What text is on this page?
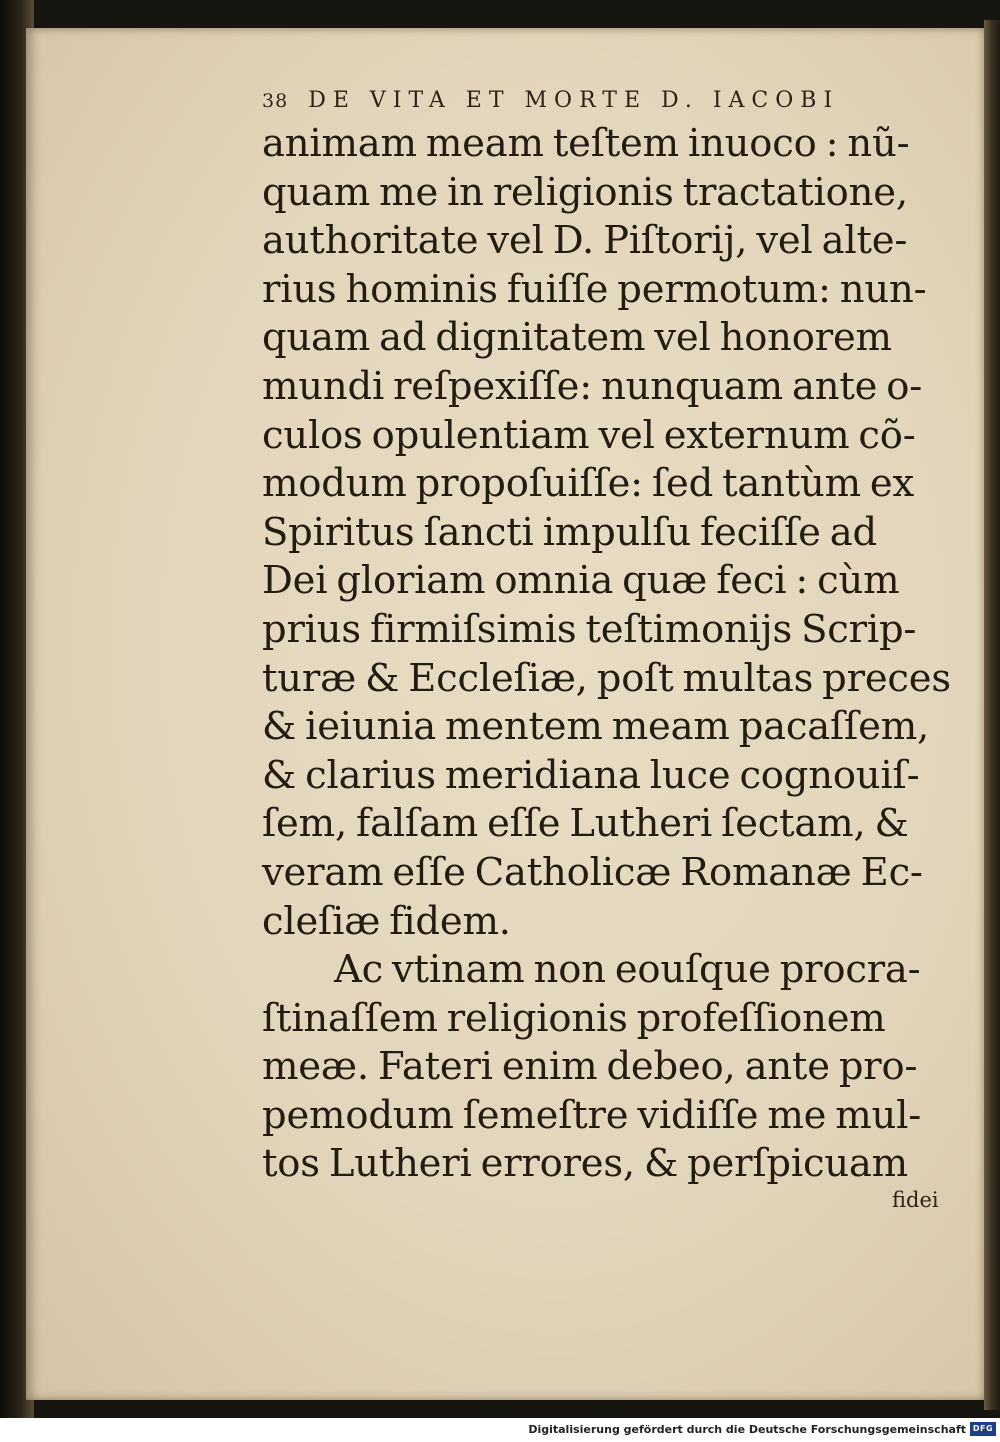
38 DE VITA ET MORTE D. IACOBI
animam meam teſtem inuoco : nũ-
quam me in religionis tractatione,
authoritate vel D. Piſtorij, vel alte-
rius hominis fuiſſe permotum: nun-
quam ad dignitatem vel honorem
mundi reſpexiſſe: nunquam ante o-
culos opulentiam vel externum cõ-
modum propoſuiſſe: ſed tantùm ex
Spiritus ſancti impulſu feciſſe ad
Dei gloriam omnia quæ feci : cùm
prius firmiſsimis teſtimonijs Scrip-
turæ & Eccleſiæ, poſt multas preces
& ieiunia mentem meam pacaſſem,
& clarius meridiana luce cognouiſ-
ſem, falſam eſſe Lutheri ſectam, &
veram eſſe Catholicæ Romanæ Ec-
cleſiæ fidem.
Ac vtinam non eouſque procra-
ſtinaſſem religionis profeſſionem
meæ. Fateri enim debeo, ante pro-
pemodum ſemeſtre vidiſſe me mul-
tos Lutheri errores, & perſpicuam
fidei
Digitalisierung gefördert durch die Deutsche Forschungsgemeinschaft DFG
